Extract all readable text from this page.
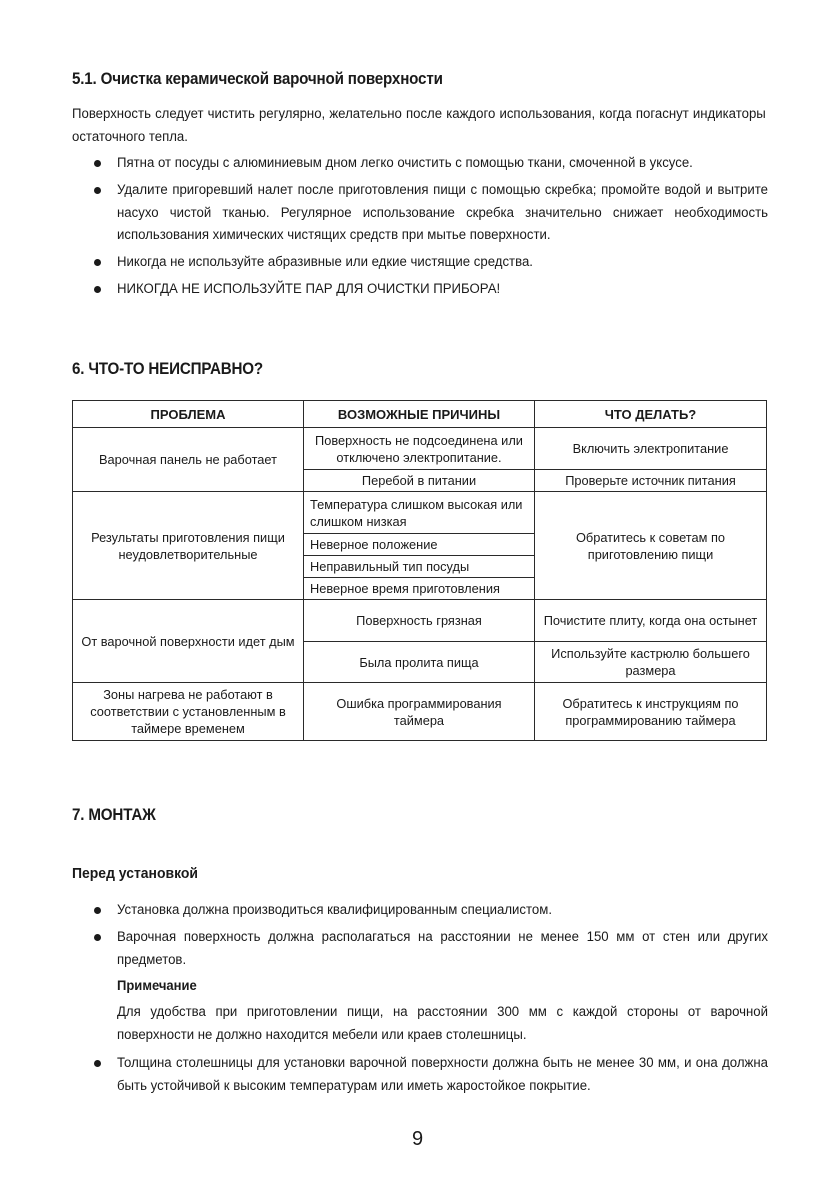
5.1. Очистка керамической варочной поверхности
Поверхность следует чистить регулярно, желательно после каждого использования, когда погаснут индикаторы остаточного тепла.
Пятна от посуды с алюминиевым дном легко очистить с помощью ткани, смоченной в уксусе.
Удалите пригоревший налет после приготовления пищи с помощью скребка; промойте водой и вытрите насухо чистой тканью. Регулярное использование скребка значительно снижает необходимость использования химических чистящих средств при мытье поверхности.
Никогда не используйте абразивные или едкие чистящие средства.
НИКОГДА НЕ ИСПОЛЬЗУЙТЕ ПАР ДЛЯ ОЧИСТКИ ПРИБОРА!
6. ЧТО-ТО НЕИСПРАВНО?
ПРОБЛЕМА	ВОЗМОЖНЫЕ ПРИЧИНЫ	ЧТО ДЕЛАТЬ?
Варочная панель не работает	Поверхность не подсоединена или отключено электропитание.	Включить электропитание
	Перебой в питании	Проверьте источник питания
Результаты приготовления пищи неудовлетворительные	Температура слишком высокая или слишком низкая	Обратитесь к советам по приготовлению пищи
	Неверное положение	
	Неправильный тип посуды	
	Неверное время приготовления	
От варочной поверхности идет дым	Поверхность грязная	Почистите плиту, когда она остынет
	Была пролита пища	Используйте кастрюлю большего размера
Зоны нагрева не работают в соответствии с установленным в таймере временем	Ошибка программирования таймера	Обратитесь к инструкциям по программированию таймера
7. МОНТАЖ
Перед установкой
Установка должна производиться квалифицированным специалистом.
Варочная поверхность должна располагаться на расстоянии не менее 150 мм от стен или других предметов.
Примечание
Для удобства при приготовлении пищи, на расстоянии 300 мм с каждой стороны от варочной поверхности не должно находится мебели или краев столешницы.
Толщина столешницы для установки варочной поверхности должна быть не менее 30 мм, и она должна быть устойчивой к высоким температурам или иметь жаростойкое покрытие.
9
